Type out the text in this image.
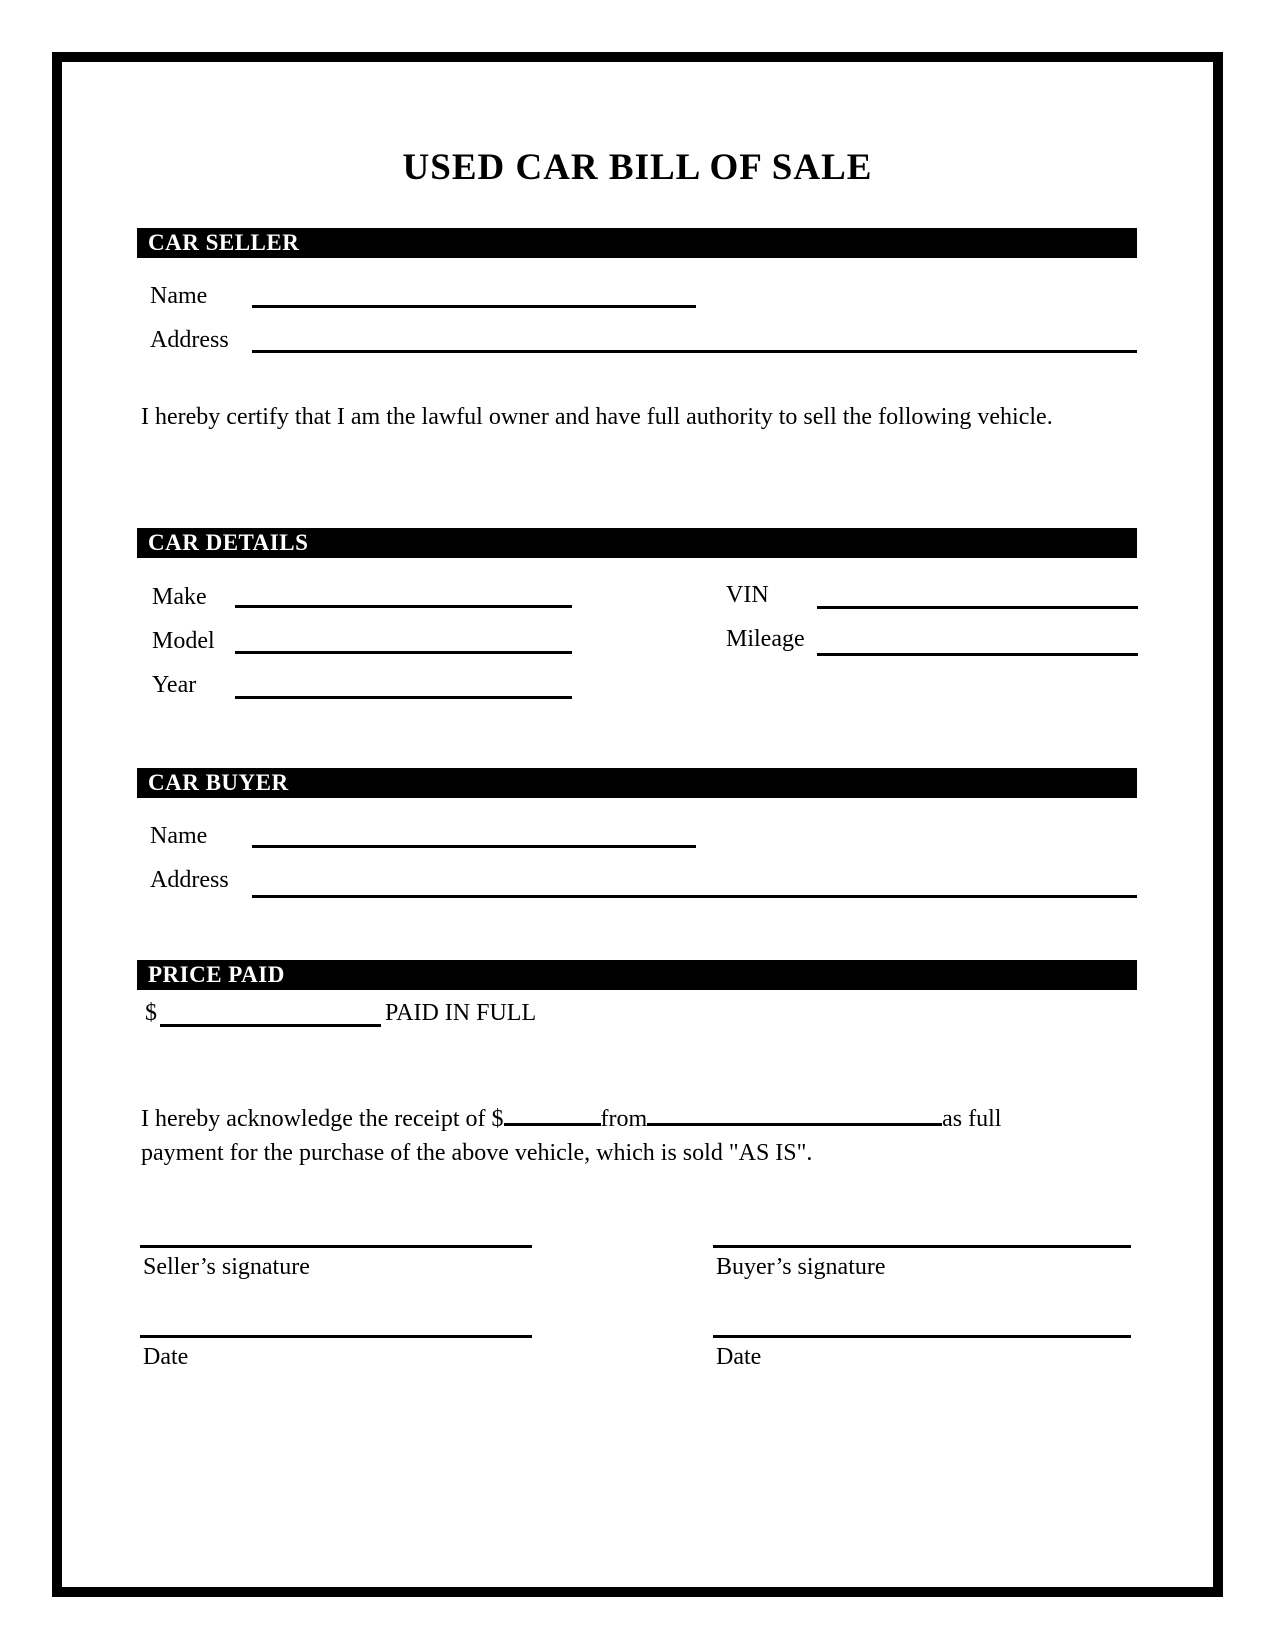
USED CAR BILL OF SALE
CAR SELLER
Name
Address
I hereby certify that I am the lawful owner and have full authority to sell the following vehicle.
CAR DETAILS
Make	VIN
Model	Mileage
Year
CAR BUYER
Name
Address
PRICE PAID
$	PAID IN FULL
I hereby acknowledge the receipt of $	from	as full payment for the purchase of the above vehicle, which is sold "AS IS".
Seller’s signature	Buyer’s signature
Date	Date
